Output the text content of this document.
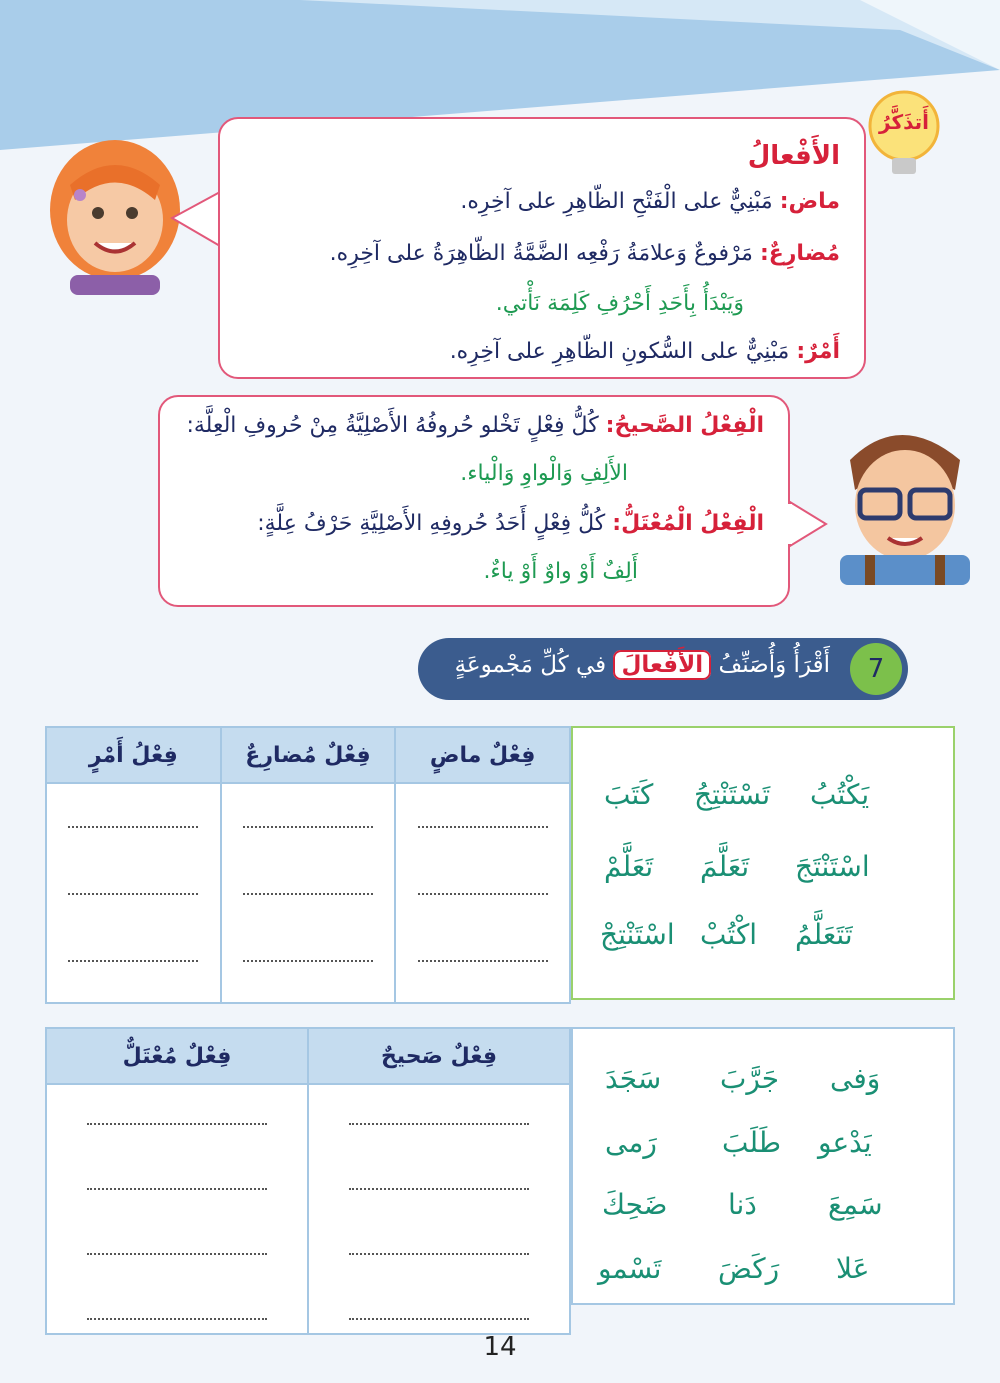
الأَفْعالُ
ماض: مَبْنِيٌّ على الْفَتْحِ الظّاهِرِ على آخِرِه.
مُضارِعٌ: مَرْفوعٌ وَعلامَةُ رَفْعِه الضَّمَّةُ الظّاهِرَةُ على آخِرِه.
وَيَبْدَأُ بِأَحَدِ أَحْرُفِ كَلِمَة نَأْتي.
أَمْرٌ: مَبْنِيٌّ على السُّكونِ الظّاهِرِ على آخِرِه.
أَتذَكَّرُ
الْفِعْلُ الصَّحيحُ: كُلُّ فِعْلٍ تَخْلو حُروفُهُ الأَصْلِيَّةُ مِنْ حُروفِ الْعِلَّة:
الأَلِفِ وَالْواوِ وَالْياء.
الْفِعْلُ الْمُعْتَلُّ: كُلُّ فِعْلٍ أَحَدُ حُروفِهِ الأَصْلِيَّةِ حَرْفُ عِلَّةٍ:
أَلِفٌ أَوْ واوٌ أَوْ ياءٌ.
7
أَقْرَأُ وَأُصَنِّفُ الأَفْعالَ في كُلِّ مَجْموعَةٍ
فِعْلُ أَمْرٍ	فِعْلٌ مُضارِعٌ	فِعْلٌ ماضٍ

يَكْتُبُ
تَسْتَنْتِجُ
كَتَبَ
اسْتَنْتَجَ
تَعَلَّمَ
تَعَلَّمْ
تَتَعَلَّمُ
اكْتُبْ
اسْتَنْتِجْ
فِعْلٌ مُعْتَلٌّ	فِعْلٌ صَحيحٌ

وَفى
جَرَّبَ
سَجَدَ
يَدْعو
طَلَبَ
رَمى
سَمِعَ
دَنا
ضَحِكَ
عَلا
رَكَضَ
تَسْمو
14
